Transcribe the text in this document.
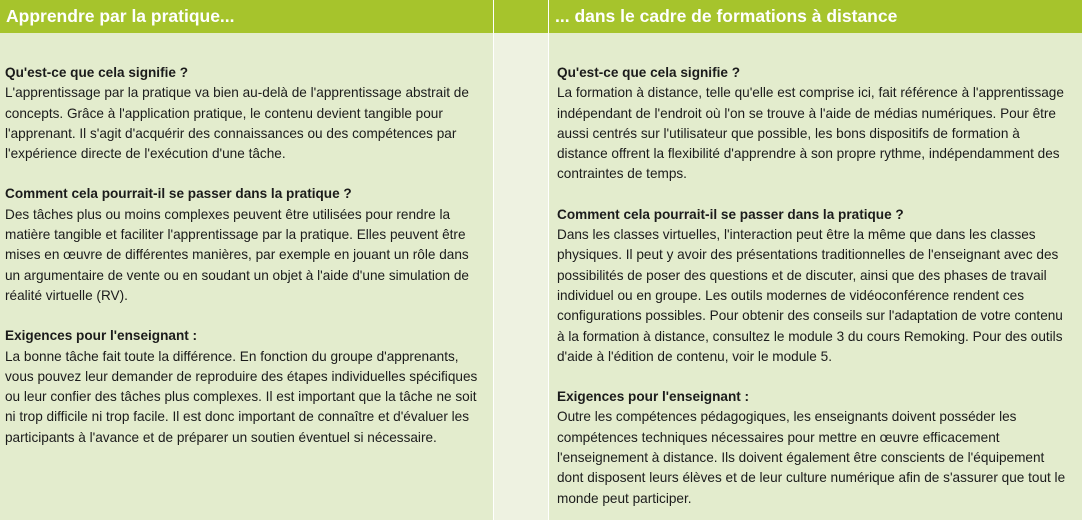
Apprendre par la pratique...	... dans le cadre de formations à distance
Qu'est-ce que cela signifie ?
L'apprentissage par la pratique va bien au-delà de l'apprentissage abstrait de concepts. Grâce à l'application pratique, le contenu devient tangible pour l'apprenant. Il s'agit d'acquérir des connaissances ou des compétences par l'expérience directe de l'exécution d'une tâche.
Comment cela pourrait-il se passer dans la pratique ?
Des tâches plus ou moins complexes peuvent être utilisées pour rendre la matière tangible et faciliter l'apprentissage par la pratique. Elles peuvent être mises en œuvre de différentes manières, par exemple en jouant un rôle dans un argumentaire de vente ou en soudant un objet à l'aide d'une simulation de réalité virtuelle (RV).
Exigences pour l'enseignant :
La bonne tâche fait toute la différence. En fonction du groupe d'apprenants, vous pouvez leur demander de reproduire des étapes individuelles spécifiques ou leur confier des tâches plus complexes. Il est important que la tâche ne soit ni trop difficile ni trop facile. Il est donc important de connaître et d'évaluer les participants à l'avance et de préparer un soutien éventuel si nécessaire.
Qu'est-ce que cela signifie ?
La formation à distance, telle qu'elle est comprise ici, fait référence à l'apprentissage indépendant de l'endroit où l'on se trouve à l'aide de médias numériques. Pour être aussi centrés sur l'utilisateur que possible, les bons dispositifs de formation à distance offrent la flexibilité d'apprendre à son propre rythme, indépendamment des contraintes de temps.
Comment cela pourrait-il se passer dans la pratique ?
Dans les classes virtuelles, l'interaction peut être la même que dans les classes physiques. Il peut y avoir des présentations traditionnelles de l'enseignant avec des possibilités de poser des questions et de discuter, ainsi que des phases de travail individuel ou en groupe. Les outils modernes de vidéoconférence rendent ces configurations possibles. Pour obtenir des conseils sur l'adaptation de votre contenu à la formation à distance, consultez le module 3 du cours Remoking. Pour des outils d'aide à l'édition de contenu, voir le module 5.
Exigences pour l'enseignant :
Outre les compétences pédagogiques, les enseignants doivent posséder les compétences techniques nécessaires pour mettre en œuvre efficacement l'enseignement à distance. Ils doivent également être conscients de l'équipement dont disposent leurs élèves et de leur culture numérique afin de s'assurer que tout le monde peut participer.
